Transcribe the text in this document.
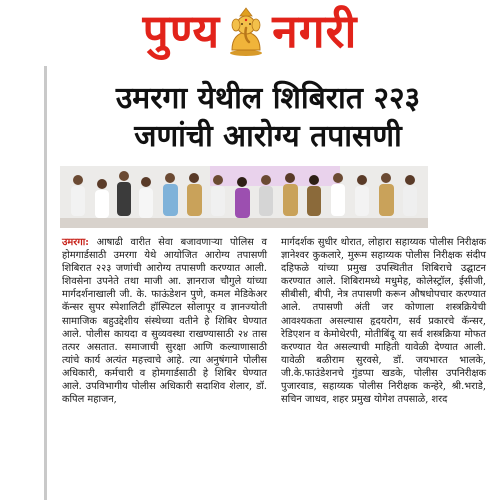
पुण्य नगरी
उमरगा येथील शिबिरात २२३
जणांची आरोग्य तपासणी

उमरगा: आषाढी वारीत सेवा बजावणाऱ्या पोलिस व होमगार्डसाठी उमरगा येथे आयोजित आरोग्य तपासणी शिबिरात २२३ जणांची आरोग्य तपासणी करण्यात आली. शिवसेना उपनेते तथा माजी आ. ज्ञानराज चौगुले यांच्या मार्गदर्शनाखाली जी. के. फाऊंडेशन पुणे, कमल मेडिकेअर कॅन्सर सुपर स्पेशालिटी हॉस्पिटल सोलापूर व ज्ञानज्योती सामाजिक बहुउद्देशीय संस्थेच्या वतीने हे शिबिर घेण्यात आले. पोलीस कायदा व सुव्यवस्था राखण्यासाठी २४ तास तत्पर असतात. समाजाची सुरक्षा आणि कल्याणासाठी त्यांचे कार्य अत्यंत महत्त्वाचे आहे. त्या अनुषंगाने पोलीस अधिकारी, कर्मचारी व होमगार्डसाठी हे शिबिर घेण्यात आले. उपविभागीय पोलीस अधिकारी सदाशिव शेलार, डॉ. कपिल महाजन,

मार्गदर्शक सुधीर थोरात, लोहारा सहाय्यक पोलीस निरीक्षक ज्ञानेश्वर कुकलारे, मुरूम सहाय्यक पोलीस निरीक्षक संदीप दहिफळे यांच्या प्रमुख उपस्थितीत शिबिराचे उद्घाटन करण्यात आले. शिबिरामध्ये मधुमेह, कोलेस्ट्रॉल, ईसीजी, सीबीसी, बीपी, नेत्र तपासणी करून औषधोपचार करण्यात आले. तपासणी अंती जर कोणाला शस्त्रक्रियेची आवश्यकता असल्यास हृदयरोग, सर्व प्रकारचे कॅन्सर, रेडिएशन व केमोथेरपी, मोतीबिंदू या सर्व शस्त्रक्रिया मोफत करण्यात येत असल्याची माहिती यावेळी देण्यात आली. यावेळी बळीराम सुरवसे, डॉ. जयभारत भालके, जी.के.फाउंडेशनचे गुंडप्पा खडके, पोलीस उपनिरीक्षक पुजारवाड, सहाय्यक पोलीस निरीक्षक कन्हेरे, श्री.भराडे, सचिन जाधव, शहर प्रमुख योगेश तपसाळे, शरद
